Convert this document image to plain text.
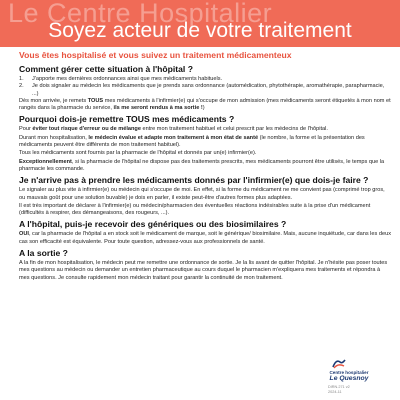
Le Centre Hospitalier
Soyez acteur de votre traitement
Vous êtes hospitalisé et vous suivez un traitement médicamenteux
Comment gérer cette situation à l'hôpital ?
1.	J'apporte mes dernières ordonnances ainsi que mes médicaments habituels.
2.	Je dois signaler au médecin les médicaments que je prends sans ordonnance (automédication, phytothérapie, aromathérapie, parapharmacie, ...)

Dès mon arrivée, je remets TOUS mes médicaments à l'infirmier(e) qui s'occupe de mon admission (mes médicaments seront étiquetés à mon nom et rangés dans la pharmacie du service, ils me seront rendus à ma sortie !)

Pourquoi dois-je remettre TOUS mes médicaments ?

Pour éviter tout risque d'erreur ou de mélange entre mon traitement habituel et celui prescrit par les médecins de l'hôpital.

Durant mon hospitalisation, le médecin évalue et adapte mon traitement à mon état de santé (le nombre, la forme et la présentation des médicaments peuvent être différents de mon traitement habituel).

Tous les médicaments sont fournis par la pharmacie de l'hôpital et donnés par un(e) infirmier(e).

Exceptionnellement, si la pharmacie de l'hôpital ne dispose pas des traitements prescrits, mes médicaments pourront être utilisés, le temps que la pharmacie les commande.

Je n'arrive pas à prendre les médicaments donnés par l'infirmier(e) que dois-je faire ?

Le signaler au plus vite à infirmier(e) ou médecin qui s'occupe de moi. En effet, si la forme du médicament ne me convient pas (comprimé trop gros, ou mauvais goût pour une solution buvable) je dois en parler, il existe peut-être d'autres formes plus adaptées.

Il est très important de déclarer à l'infirmier(e) ou médecin/pharmacien des éventuelles réactions indésirables suite à la prise d'un médicament (difficultés à respirer, des démangeaisons, des rougeurs, ...).

A l'hôpital, puis-je recevoir des génériques ou des biosimilaires ?

OUI, car la pharmacie de l'hôpital a en stock soit le médicament de marque, soit le générique/ biosimilaire. Mais, aucune inquiétude, car dans les deux cas son efficacité est équivalente. Pour toute question, adressez-vous aux professionnels de santé.

A la sortie ?

A la fin de mon hospitalisation, le médecin peut me remettre une ordonnance de sortie. Je la lis avant de quitter l'hôpital. Je n'hésite pas poser toutes mes questions au médecin ou demander un entretien pharmaceutique au cours duquel le pharmacien m'expliquera mes traitements et répondra à mes questions. Je consulte rapidement mon médecin traitant pour garantir la continuité de mon traitement.

Centre hospitalier
Le Quesnoy
DIRN.271 v2
2024-11
